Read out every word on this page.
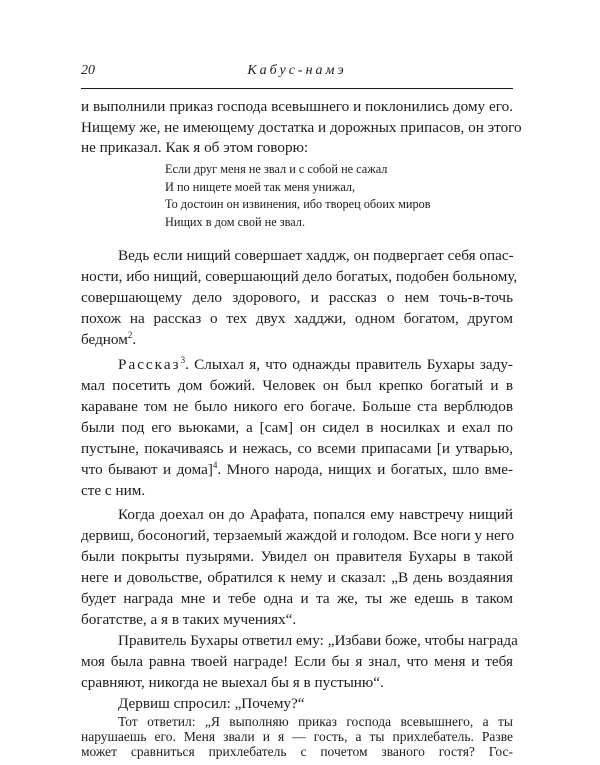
20	Кабус-намэ
и выполнили приказ господа всевышнего и поклонились дому его.
Нищему же, не имеющему достатка и дорожных припасов, он этого
не приказал. Как я об этом говорю:
Если друг меня не звал и с собой не сажал
И по нищете моей так меня унижал,
То достоин он извинения, ибо творец обоих миров
Нищих в дом свой не звал.
Ведь если нищий совершает хаддж, он подвергает себя опас-
ности, ибо нищий, совершающий дело богатых, подобен больному,
совершающему дело здорового, и рассказ о нем точь-в-точь
похож на рассказ о тех двух хадджи, одном богатом, другом
бедном$^2$.
Рассказ$^3$. Слыхал я, что однажды правитель Бухары заду-
мал посетить дом божий. Человек он был крепко богатый и в
караване том не было никого его богаче. Больше ста верблюдов
были под его вьюками, а [сам] он сидел в носилках и ехал по
пустыне, покачиваясь и нежась, со всеми припасами [и утварью,
что бывают и дома]$^4$. Много народа, нищих и богатых, шло вме-
сте с ним.
Когда доехал он до Арафата, попался ему навстречу нищий
дервиш, босоногий, терзаемый жаждой и голодом. Все ноги у него
были покрыты пузырями. Увидел он правителя Бухары в такой
неге и довольстве, обратился к нему и сказал: „В день воздаяния
будет награда мне и тебе одна и та же, ты же едешь в таком
богатстве, а я в таких мучениях“.
Правитель Бухары ответил ему: „Избави боже, чтобы награда
моя была равна твоей награде! Если бы я знал, что меня и тебя
сравняют, никогда не выехал бы я в пустыню“.
Дервиш спросил: „Почему?“
Тот ответил: „Я выполняю приказ господа всевышнего, а ты
нарушаешь его. Меня звали и я — гость, а ты прихлебатель. Разве
может сравниться прихлебатель с почетом званого гостя? Гос-
